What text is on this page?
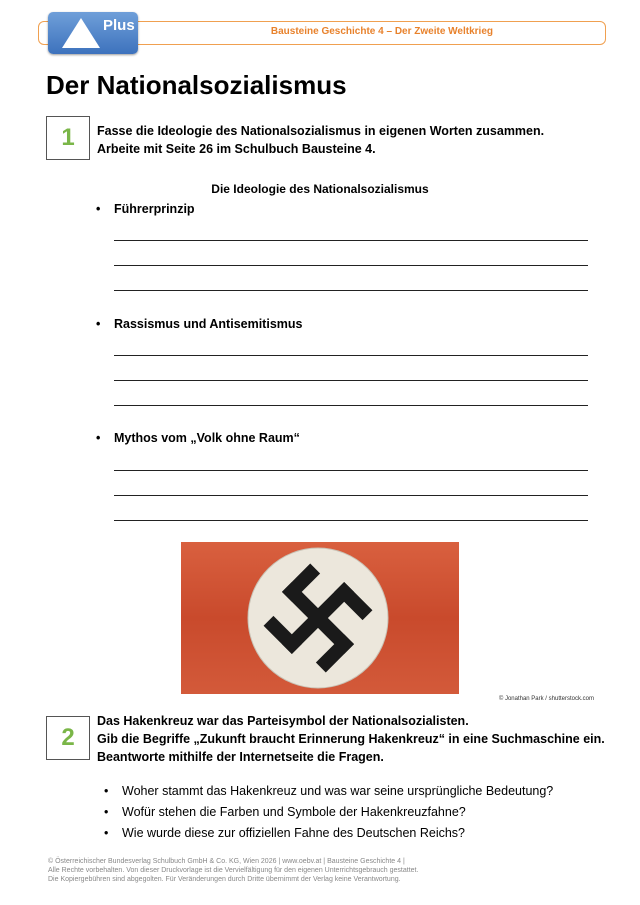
Bausteine Geschichte 4 – Der Zweite Weltkrieg
Plus
Der Nationalsozialismus
1 Fasse die Ideologie des Nationalsozialismus in eigenen Worten zusammen.
Arbeite mit Seite 26 im Schulbuch Bausteine 4.
Die Ideologie des Nationalsozialismus
• Führerprinzip
• Rassismus und Antisemitismus
• Mythos vom „Volk ohne Raum“
© Jonathan Park / shutterstock.com
2
Das Hakenkreuz war das Parteisymbol der Nationalsozialisten.
Gib die Begriffe „Zukunft braucht Erinnerung Hakenkreuz“ in eine Suchmaschine ein.
Beantworte mithilfe der Internetseite die Fragen.
• Woher stammt das Hakenkreuz und was war seine ursprüngliche Bedeutung?
• Wofür stehen die Farben und Symbole der Hakenkreuzfahne?
• Wie wurde diese zur offiziellen Fahne des Deutschen Reichs?
© Österreichischer Bundesverlag Schulbuch GmbH & Co. KG, Wien 2026 | www.oebv.at | Bausteine Geschichte 4 |
Alle Rechte vorbehalten. Von dieser Druckvorlage ist die Vervielfältigung für den eigenen Unterrichtsgebrauch gestattet.
Die Kopiergebühren sind abgegolten. Für Veränderungen durch Dritte übernimmt der Verlag keine Verantwortung.
